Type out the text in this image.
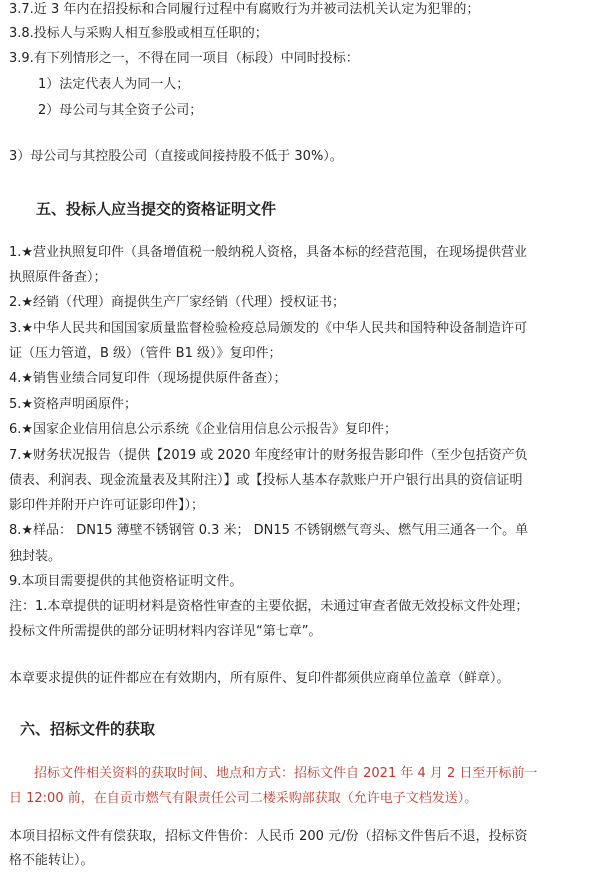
3.7.近 3 年内在招投标和合同履行过程中有腐败行为并被司法机关认定为犯罪的；
3.8.投标人与采购人相互参股或相互任职的；
3.9.有下列情形之一，不得在同一项目（标段）中同时投标：
1）法定代表人为同一人；
2）母公司与其全资子公司；
3）母公司与其控股公司（直接或间接持股不低于 30%）。
五、投标人应当提交的资格证明文件
1.★营业执照复印件（具备增值税一般纳税人资格，具备本标的经营范围，在现场提供营业
执照原件备查）；
2.★经销（代理）商提供生产厂家经销（代理）授权证书；
3.★中华人民共和国国家质量监督检验检疫总局颁发的《中华人民共和国特种设备制造许可
证（压力管道，B 级）（管件 B1 级）》复印件；
4.★销售业绩合同复印件（现场提供原件备查）；
5.★资格声明函原件；
6.★国家企业信用信息公示系统《企业信用信息公示报告》复印件；
7.★财务状况报告（提供【2019 或 2020 年度经审计的财务报告影印件（至少包括资产负
债表、利润表、现金流量表及其附注）】或【投标人基本存款账户开户银行出具的资信证明
影印件并附开户许可证影印件】）；
8.★样品： DN15 薄壁不锈钢管 0.3 米； DN15 不锈钢燃气弯头、燃气用三通各一个。单
独封装。
9.本项目需要提供的其他资格证明文件。
注：1.本章提供的证明材料是资格性审查的主要依据，未通过审查者做无效投标文件处理；
投标文件所需提供的部分证明材料内容详见“第七章”。
本章要求提供的证件都应在有效期内，所有原件、复印件都须供应商单位盖章（鲜章）。
六、招标文件的获取
招标文件相关资料的获取时间、地点和方式：招标文件自 2021 年 4 月 2 日至开标前一
日 12:00 前，在自贡市燃气有限责任公司二楼采购部获取（允许电子文档发送）。
本项目招标文件有偿获取，招标文件售价：人民币 200 元/份（招标文件售后不退，投标资
格不能转让）。
